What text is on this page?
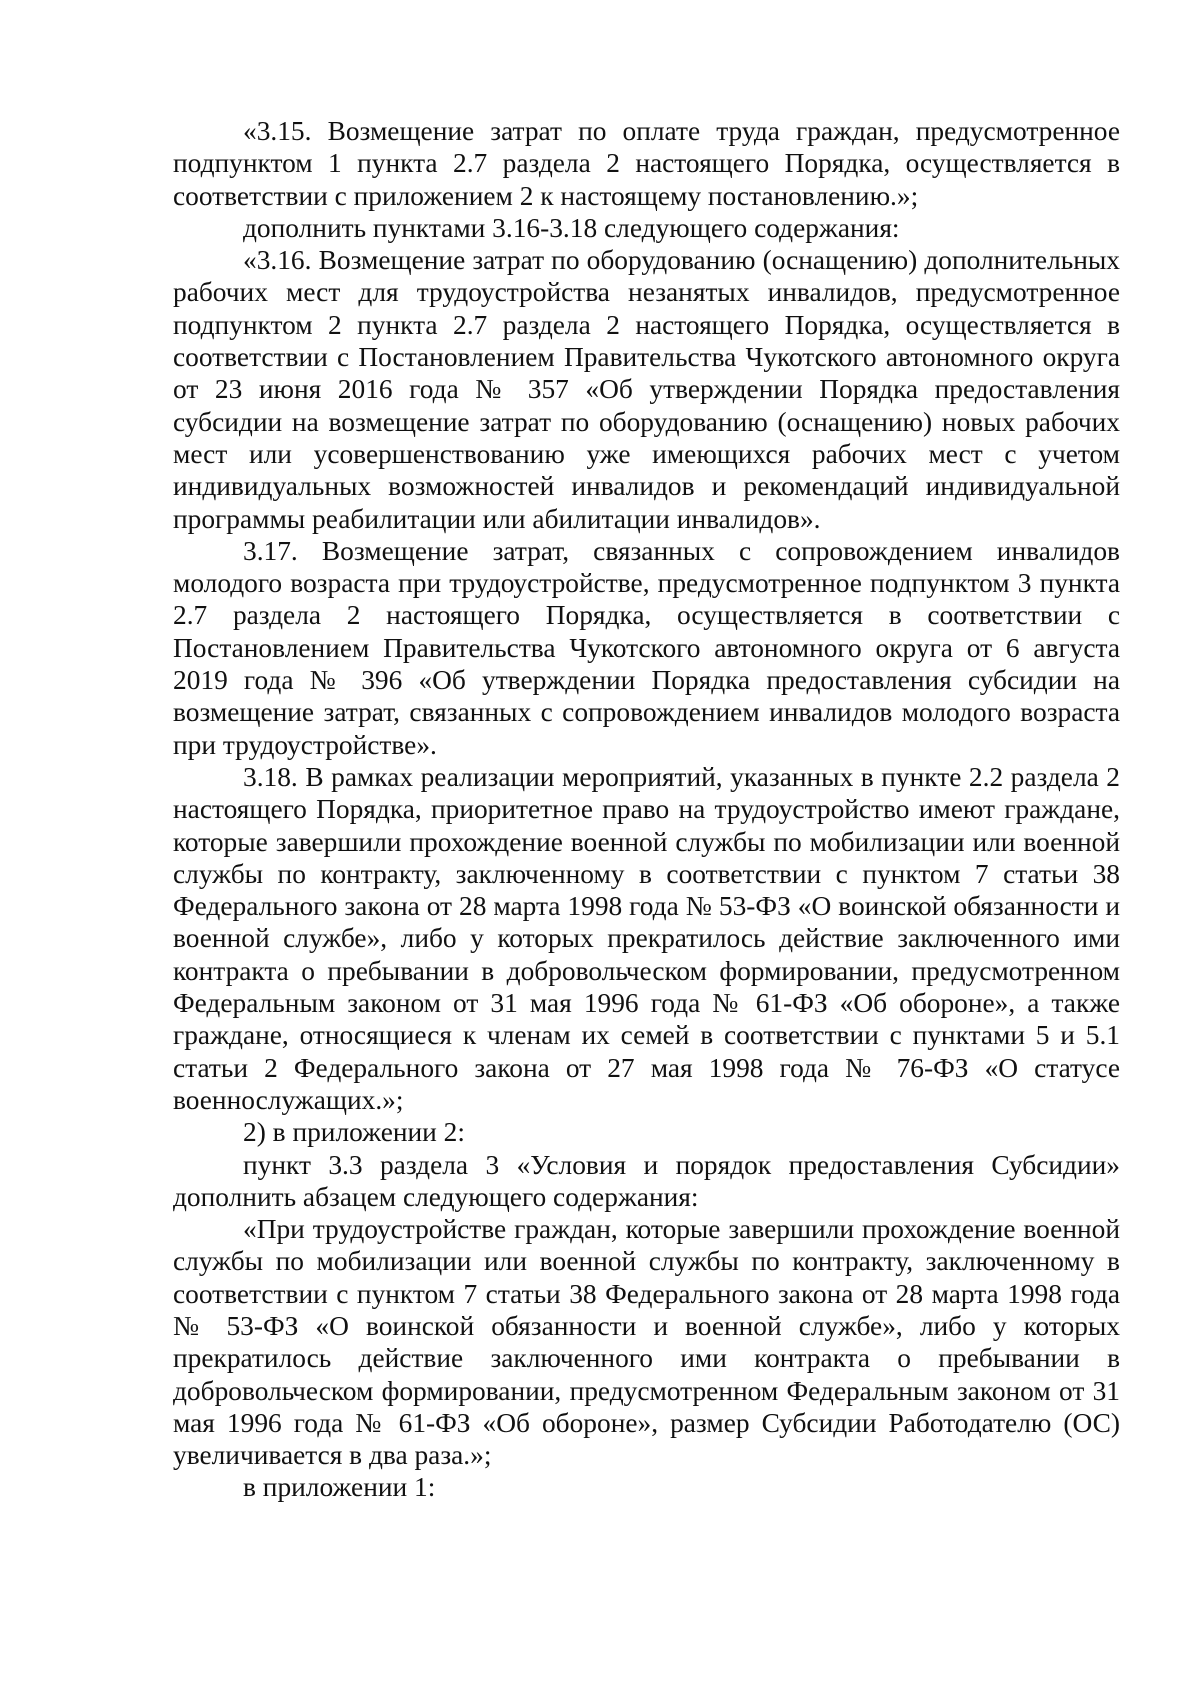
«3.15. Возмещение затрат по оплате труда граждан, предусмотренное подпунктом 1 пункта 2.7 раздела 2 настоящего Порядка, осуществляется в соответствии с приложением 2 к настоящему постановлению.»;

дополнить пунктами 3.16-3.18 следующего содержания:

«3.16. Возмещение затрат по оборудованию (оснащению) дополнительных рабочих мест для трудоустройства незанятых инвалидов, предусмотренное подпунктом 2 пункта 2.7 раздела 2 настоящего Порядка, осуществляется в соответствии с Постановлением Правительства Чукотского автономного округа от 23 июня 2016 года № 357 «Об утверждении Порядка предоставления субсидии на возмещение затрат по оборудованию (оснащению) новых рабочих мест или усовершенствованию уже имеющихся рабочих мест с учетом индивидуальных возможностей инвалидов и рекомендаций индивидуальной программы реабилитации или абилитации инвалидов».

3.17. Возмещение затрат, связанных с сопровождением инвалидов молодого возраста при трудоустройстве, предусмотренное подпунктом 3 пункта 2.7 раздела 2 настоящего Порядка, осуществляется в соответствии с Постановлением Правительства Чукотского автономного округа от 6 августа 2019 года № 396 «Об утверждении Порядка предоставления субсидии на возмещение затрат, связанных с сопровождением инвалидов молодого возраста при трудоустройстве».

3.18. В рамках реализации мероприятий, указанных в пункте 2.2 раздела 2 настоящего Порядка, приоритетное право на трудоустройство имеют граждане, которые завершили прохождение военной службы по мобилизации или военной службы по контракту, заключенному в соответствии с пунктом 7 статьи 38 Федерального закона от 28 марта 1998 года № 53-ФЗ «О воинской обязанности и военной службе», либо у которых прекратилось действие заключенного ими контракта о пребывании в добровольческом формировании, предусмотренном Федеральным законом от 31 мая 1996 года № 61-ФЗ «Об обороне», а также граждане, относящиеся к членам их семей в соответствии с пунктами 5 и 5.1 статьи 2 Федерального закона от 27 мая 1998 года № 76-ФЗ «О статусе военнослужащих.»;

2) в приложении 2:

пункт 3.3 раздела 3 «Условия и порядок предоставления Субсидии» дополнить абзацем следующего содержания:

«При трудоустройстве граждан, которые завершили прохождение военной службы по мобилизации или военной службы по контракту, заключенному в соответствии с пунктом 7 статьи 38 Федерального закона от 28 марта 1998 года № 53-ФЗ «О воинской обязанности и военной службе», либо у которых прекратилось действие заключенного ими контракта о пребывании в добровольческом формировании, предусмотренном Федеральным законом от 31 мая 1996 года № 61-ФЗ «Об обороне», размер Субсидии Работодателю (ОС) увеличивается в два раза.»;

в приложении 1:
